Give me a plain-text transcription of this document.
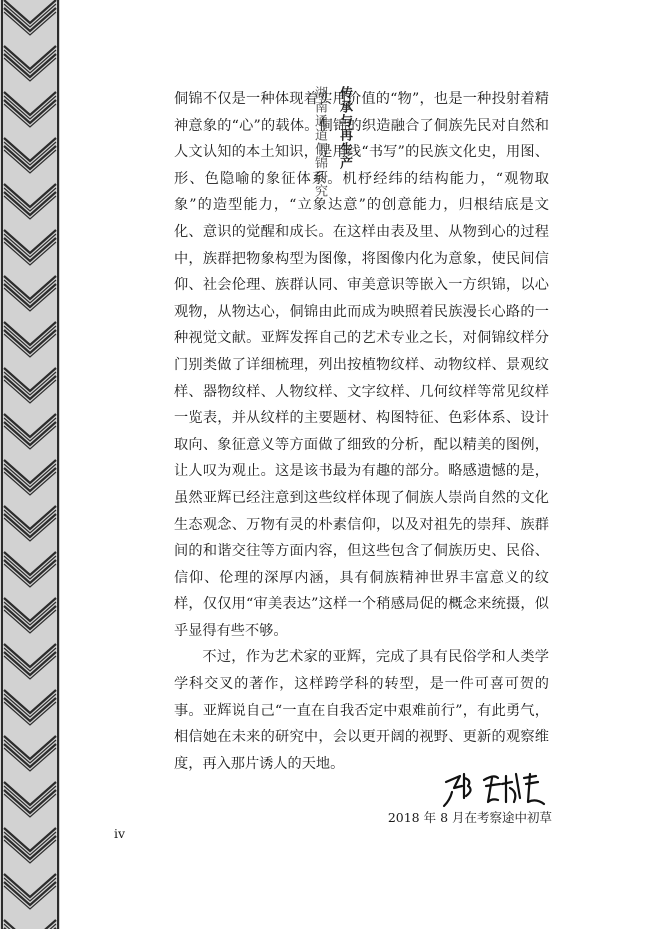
传承与再生产
湖南通道侗锦研究

侗锦不仅是一种体现着实用价值的“物”，也是一种投射着精神意象的“心”的载体。侗锦的织造融合了侗族先民对自然和人文认知的本土知识，是用线“书写”的民族文化史，用图、形、色隐喻的象征体系。机杼经纬的结构能力，“观物取象”的造型能力，“立象达意”的创意能力，归根结底是文化、意识的觉醒和成长。在这样由表及里、从物到心的过程中，族群把物象构型为图像，将图像内化为意象，使民间信仰、社会伦理、族群认同、审美意识等嵌入一方织锦，以心观物，从物达心，侗锦由此而成为映照着民族漫长心路的一种视觉文献。亚辉发挥自己的艺术专业之长，对侗锦纹样分门别类做了详细梳理，列出按植物纹样、动物纹样、景观纹样、器物纹样、人物纹样、文字纹样、几何纹样等常见纹样一览表，并从纹样的主要题材、构图特征、色彩体系、设计取向、象征意义等方面做了细致的分析，配以精美的图例，让人叹为观止。这是该书最为有趣的部分。略感遗憾的是，虽然亚辉已经注意到这些纹样体现了侗族人崇尚自然的文化生态观念、万物有灵的朴素信仰，以及对祖先的崇拜、族群间的和谐交往等方面内容，但这些包含了侗族历史、民俗、信仰、伦理的深厚内涵，具有侗族精神世界丰富意义的纹样，仅仅用“审美表达”这样一个稍感局促的概念来统摄，似乎显得有些不够。

不过，作为艺术家的亚辉，完成了具有民俗学和人类学学科交叉的著作，这样跨学科的转型，是一件可喜可贺的事。亚辉说自己“一直在自我否定中艰难前行”，有此勇气，相信她在未来的研究中，会以更开阔的视野、更新的观察维度，再入那片诱人的天地。

2018 年 8 月在考察途中初草
iv
